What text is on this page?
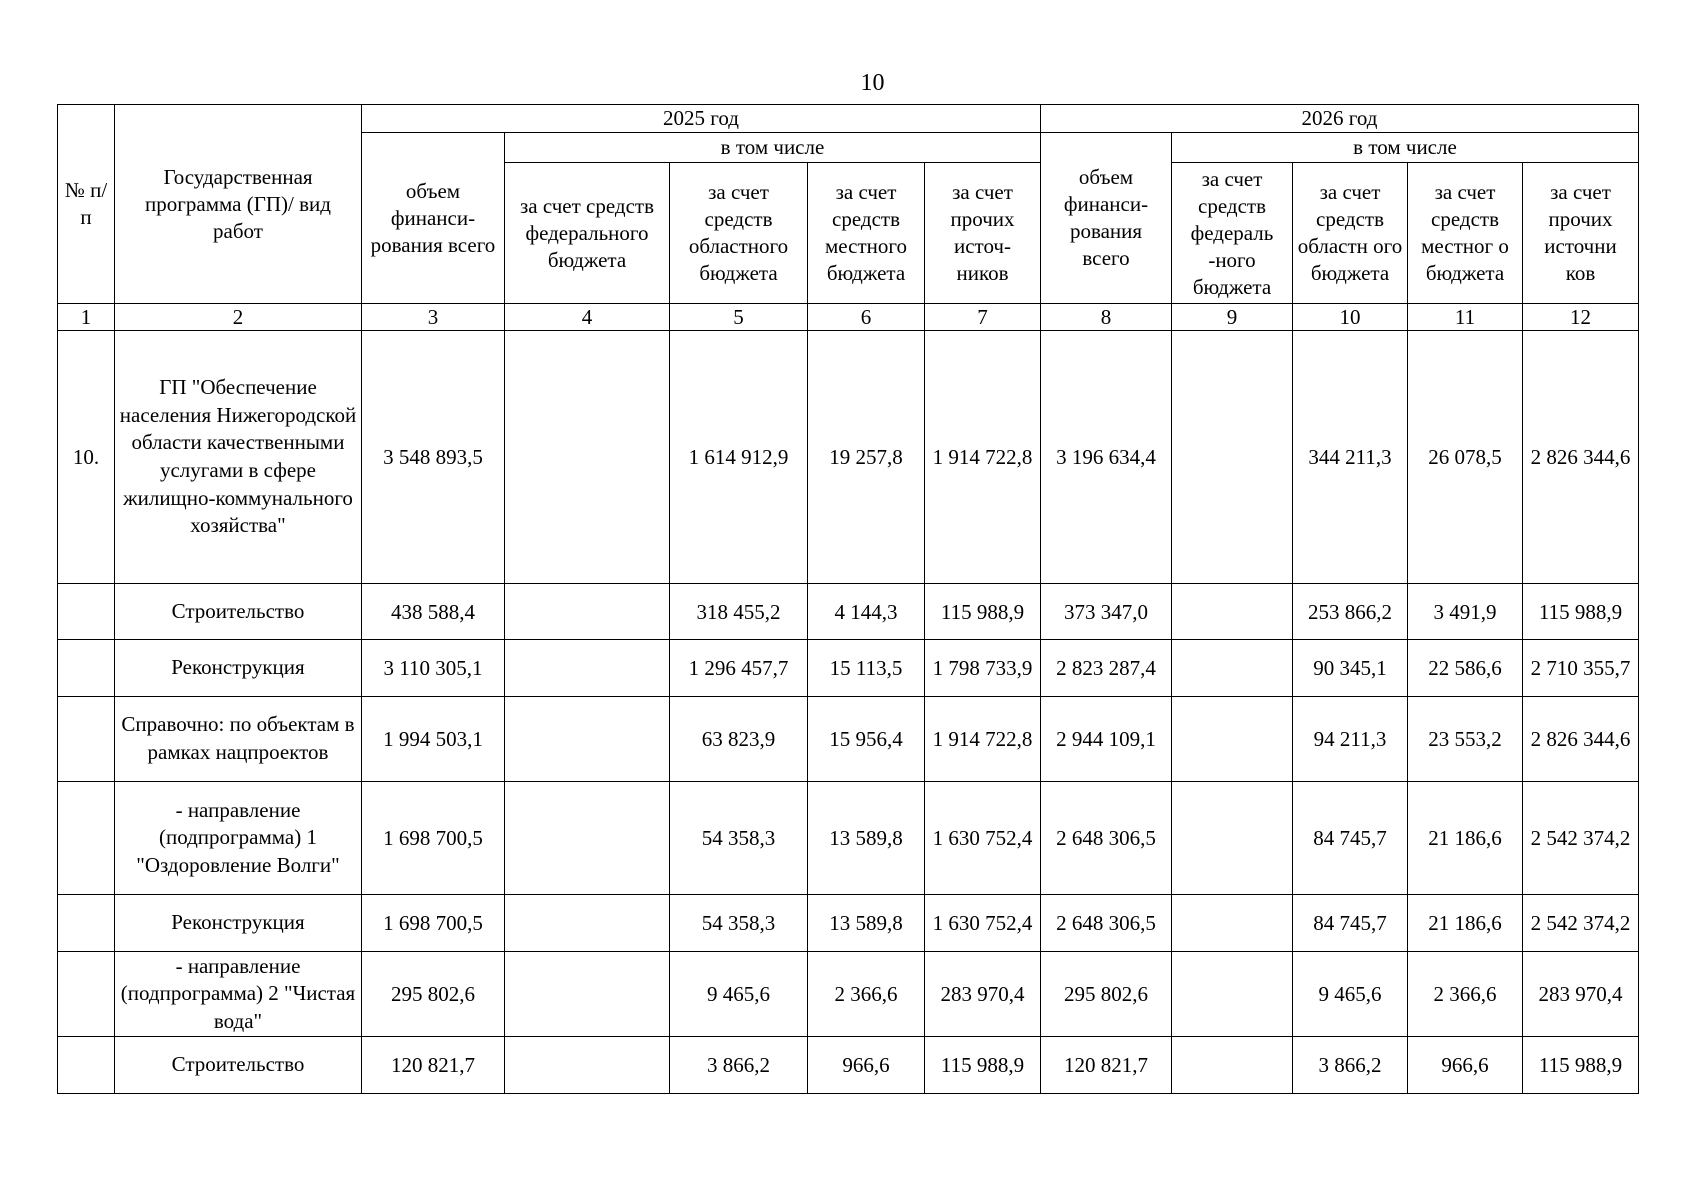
10
№ п/п	Государственная программа (ГП)/ вид работ	2025 год					2026 год				
		объем финанси-рования всего	в том числе				объем финанси-рования всего	в том числе			
			за счет средств федерального бюджета	за счет средств областного бюджета	за счет средств местного бюджета	за счет прочих источ-ников		за счет средств федераль -ного бюджета	за счет средств областн ого бюджета	за счет средств местног о бюджета	за счет прочих источни ков
1	2	3	4	5	6	7	8	9	10	11	12
10.	ГП "Обеспечение населения Нижегородской области качественными услугами в сфере жилищно-коммунального хозяйства"	3 548 893,5		1 614 912,9	19 257,8	1 914 722,8	3 196 634,4		344 211,3	26 078,5	2 826 344,6
	Строительство	438 588,4		318 455,2	4 144,3	115 988,9	373 347,0		253 866,2	3 491,9	115 988,9
	Реконструкция	3 110 305,1		1 296 457,7	15 113,5	1 798 733,9	2 823 287,4		90 345,1	22 586,6	2 710 355,7
	Справочно: по объектам в рамках нацпроектов	1 994 503,1		63 823,9	15 956,4	1 914 722,8	2 944 109,1		94 211,3	23 553,2	2 826 344,6
	- направление (подпрограмма) 1 "Оздоровление Волги"	1 698 700,5		54 358,3	13 589,8	1 630 752,4	2 648 306,5		84 745,7	21 186,6	2 542 374,2
	Реконструкция	1 698 700,5		54 358,3	13 589,8	1 630 752,4	2 648 306,5		84 745,7	21 186,6	2 542 374,2
	- направление (подпрограмма) 2 "Чистая вода"	295 802,6		9 465,6	2 366,6	283 970,4	295 802,6		9 465,6	2 366,6	283 970,4
	Строительство	120 821,7		3 866,2	966,6	115 988,9	120 821,7		3 866,2	966,6	115 988,9
